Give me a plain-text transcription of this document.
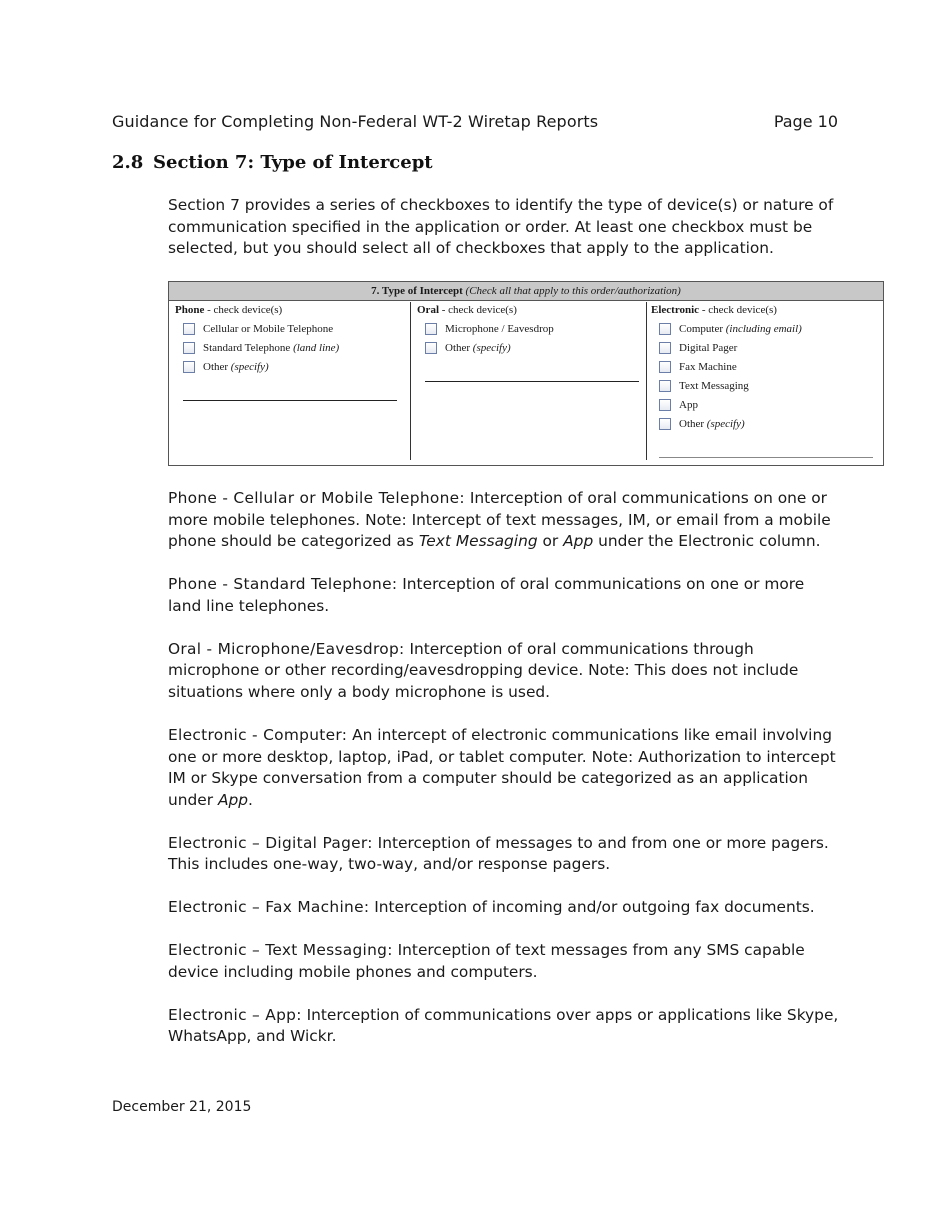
Guidance for Completing Non-Federal WT-2 Wiretap Reports	Page 10
2.8 Section 7: Type of Intercept
Section 7 provides a series of checkboxes to identify the type of device(s) or nature of communication specified in the application or order. At least one checkbox must be selected, but you should select all of checkboxes that apply to the application.
7. Type of Intercept (Check all that apply to this order/authorization)
Phone - check device(s)
Cellular or Mobile Telephone
Standard Telephone (land line)
Other (specify)
Oral - check device(s)
Microphone / Eavesdrop
Other (specify)
Electronic - check device(s)
Computer (including email)
Digital Pager
Fax Machine
Text Messaging
App
Other (specify)

Phone - Cellular or Mobile Telephone: Interception of oral communications on one or more mobile telephones. Note: Intercept of text messages, IM, or email from a mobile phone should be categorized as Text Messaging or App under the Electronic column.

Phone - Standard Telephone: Interception of oral communications on one or more land line telephones.

Oral - Microphone/Eavesdrop: Interception of oral communications through microphone or other recording/eavesdropping device. Note: This does not include situations where only a body microphone is used.

Electronic - Computer: An intercept of electronic communications like email involving one or more desktop, laptop, iPad, or tablet computer. Note: Authorization to intercept IM or Skype conversation from a computer should be categorized as an application under App.

Electronic – Digital Pager: Interception of messages to and from one or more pagers. This includes one-way, two-way, and/or response pagers.

Electronic – Fax Machine: Interception of incoming and/or outgoing fax documents.

Electronic – Text Messaging: Interception of text messages from any SMS capable device including mobile phones and computers.

Electronic – App: Interception of communications over apps or applications like Skype, WhatsApp, and Wickr.

December 21, 2015
